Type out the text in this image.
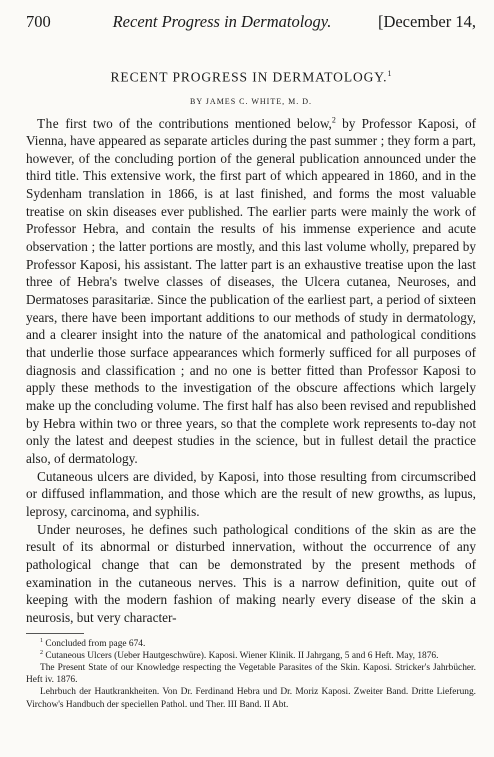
700	Recent Progress in Dermatology.	[December 14,
RECENT PROGRESS IN DERMATOLOGY.$^1$
BY JAMES C. WHITE, M. D.

The first two of the contributions mentioned below,$^2$ by Professor Kaposi, of Vienna, have appeared as separate articles during the past summer ; they form a part, however, of the concluding portion of the general publication announced under the third title. This extensive work, the first part of which appeared in 1860, and in the Sydenham translation in 1866, is at last finished, and forms the most valuable treatise on skin diseases ever published. The earlier parts were mainly the work of Professor Hebra, and contain the results of his immense experience and acute observation ; the latter portions are mostly, and this last volume wholly, prepared by Professor Kaposi, his assistant. The latter part is an exhaustive treatise upon the last three of Hebra's twelve classes of diseases, the Ulcera cutanea, Neuroses, and Dermatoses parasitariæ. Since the publication of the earliest part, a period of sixteen years, there have been important additions to our methods of study in dermatology, and a clearer insight into the nature of the anatomical and pathological conditions that underlie those surface appearances which formerly sufficed for all purposes of diagnosis and classification ; and no one is better fitted than Professor Kaposi to apply these methods to the investigation of the obscure affections which largely make up the concluding volume. The first half has also been revised and republished by Hebra within two or three years, so that the complete work represents to-day not only the latest and deepest studies in the science, but in fullest detail the practice also, of dermatology.

Cutaneous ulcers are divided, by Kaposi, into those resulting from circumscribed or diffused inflammation, and those which are the result of new growths, as lupus, leprosy, carcinoma, and syphilis.

Under neuroses, he defines such pathological conditions of the skin as are the result of its abnormal or disturbed innervation, without the occurrence of any pathological change that can be demonstrated by the present methods of examination in the cutaneous nerves. This is a narrow definition, quite out of keeping with the modern fashion of making nearly every disease of the skin a neurosis, but very character-

$^1$ Concluded from page 674.

$^2$ Cutaneous Ulcers (Ueber Hautgeschwüre). Kaposi. Wiener Klinik. II Jahrgang, 5 and 6 Heft. May, 1876.

The Present State of our Knowledge respecting the Vegetable Parasites of the Skin. Kaposi. Stricker's Jahrbücher. Heft iv. 1876.

Lehrbuch der Hautkrankheiten. Von Dr. Ferdinand Hebra und Dr. Moriz Kaposi. Zweiter Band. Dritte Lieferung. Virchow's Handbuch der speciellen Pathol. und Ther. III Band. II Abt.
